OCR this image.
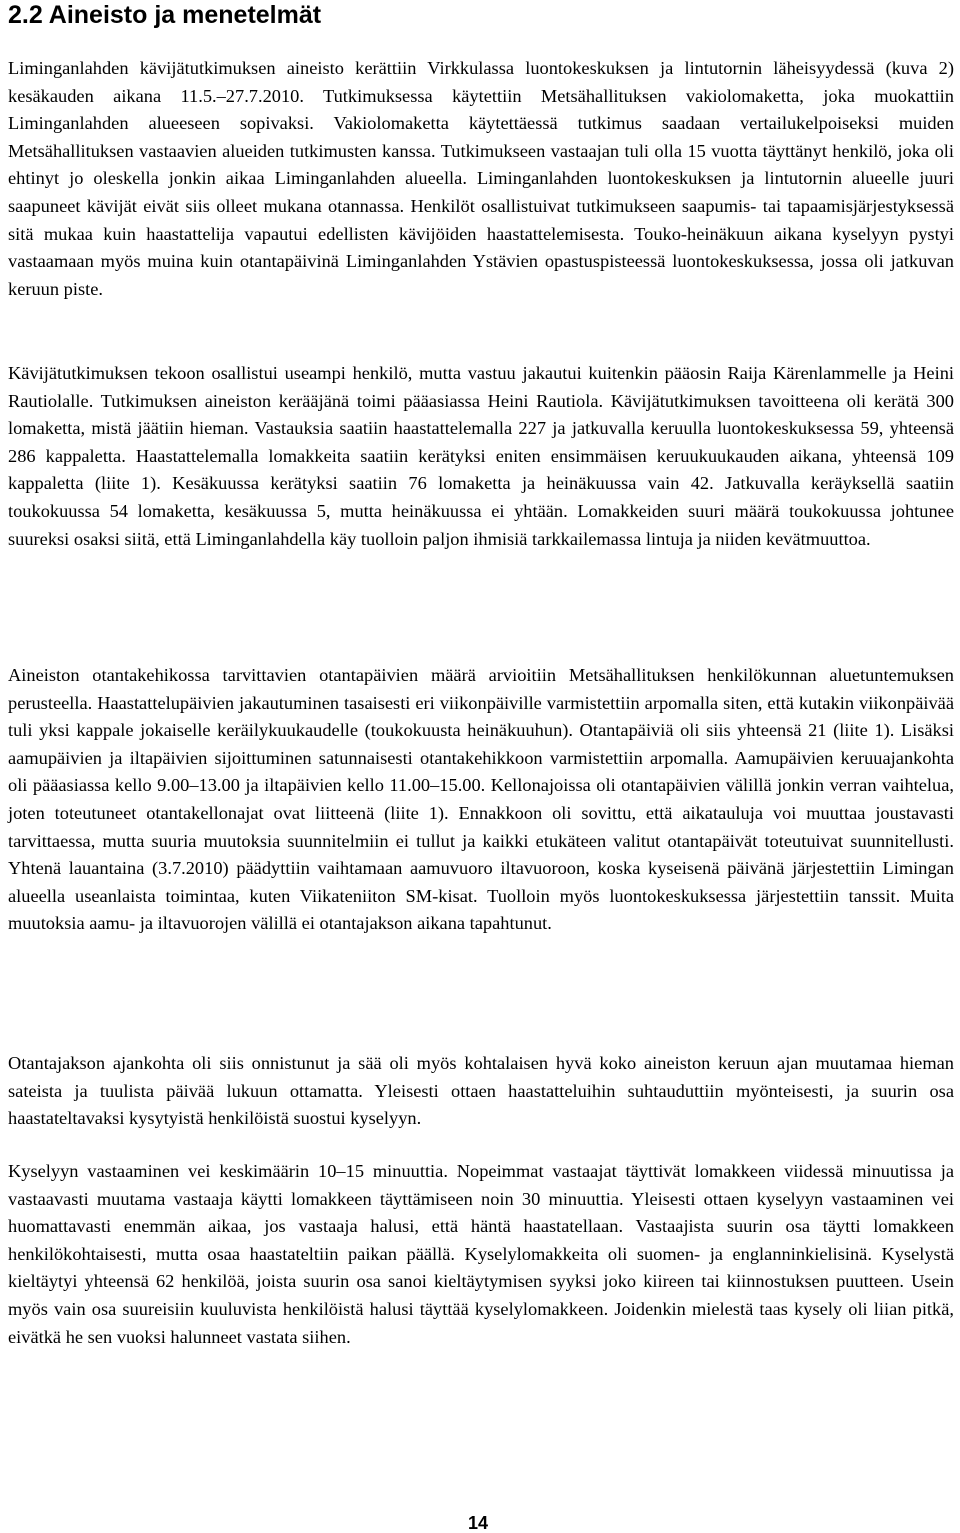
2.2 Aineisto ja menetelmät

Liminganlahden kävijätutkimuksen aineisto kerättiin Virkkulassa luontokeskuksen ja lintutornin läheisyydessä (kuva 2) kesäkauden aikana 11.5.–27.7.2010. Tutkimuksessa käytettiin Metsähallituksen vakiolomaketta, joka muokattiin Liminganlahden alueeseen sopivaksi. Vakiolomaketta käytettäessä tutkimus saadaan vertailukelpoiseksi muiden Metsähallituksen vastaavien alueiden tutkimusten kanssa. Tutkimukseen vastaajan tuli olla 15 vuotta täyttänyt henkilö, joka oli ehtinyt jo oleskella jonkin aikaa Liminganlahden alueella. Liminganlahden luontokeskuksen ja lintutornin alueelle juuri saapuneet kävijät eivät siis olleet mukana otannassa. Henkilöt osallistuivat tutkimukseen saapumis- tai tapaamisjärjestyksessä sitä mukaa kuin haastattelija vapautui edellisten kävijöiden haastattelemisesta. Touko-heinäkuun aikana kyselyyn pystyi vastaamaan myös muina kuin otantapäivinä Liminganlahden Ystävien opastuspisteessä luontokeskuksessa, jossa oli jatkuvan keruun piste.

Kävijätutkimuksen tekoon osallistui useampi henkilö, mutta vastuu jakautui kuitenkin pääosin Raija Kärenlammelle ja Heini Rautiolalle. Tutkimuksen aineiston kerääjänä toimi pääasiassa Heini Rautiola. Kävijätutkimuksen tavoitteena oli kerätä 300 lomaketta, mistä jäätiin hieman. Vastauksia saatiin haastattelemalla 227 ja jatkuvalla keruulla luontokeskuksessa 59, yhteensä 286 kappaletta. Haastattelemalla lomakkeita saatiin kerätyksi eniten ensimmäisen keruukuukauden aikana, yhteensä 109 kappaletta (liite 1). Kesäkuussa kerätyksi saatiin 76 lomaketta ja heinäkuussa vain 42. Jatkuvalla keräyksellä saatiin toukokuussa 54 lomaketta, kesäkuussa 5, mutta heinäkuussa ei yhtään. Lomakkeiden suuri määrä toukokuussa johtunee suureksi osaksi siitä, että Liminganlahdella käy tuolloin paljon ihmisiä tarkkailemassa lintuja ja niiden kevätmuuttoa.

Aineiston otantakehikossa tarvittavien otantapäivien määrä arvioitiin Metsähallituksen henkilökunnan aluetuntemuksen perusteella. Haastattelupäivien jakautuminen tasaisesti eri viikonpäiville varmistettiin arpomalla siten, että kutakin viikonpäivää tuli yksi kappale jokaiselle keräilykuukaudelle (toukokuusta heinäkuuhun). Otantapäiviä oli siis yhteensä 21 (liite 1). Lisäksi aamupäivien ja iltapäivien sijoittuminen satunnaisesti otantakehikkoon varmistettiin arpomalla. Aamupäivien keruuajankohta oli pääasiassa kello 9.00–13.00 ja iltapäivien kello 11.00–15.00. Kellonajoissa oli otantapäivien välillä jonkin verran vaihtelua, joten toteutuneet otantakellonajat ovat liitteenä (liite 1). Ennakkoon oli sovittu, että aikatauluja voi muuttaa joustavasti tarvittaessa, mutta suuria muutoksia suunnitelmiin ei tullut ja kaikki etukäteen valitut otantapäivät toteutuivat suunnitellusti. Yhtenä lauantaina (3.7.2010) päädyttiin vaihtamaan aamuvuoro iltavuoroon, koska kyseisenä päivänä järjestettiin Limingan alueella useanlaista toimintaa, kuten Viikateniiton SM-kisat. Tuolloin myös luontokeskuksessa järjestettiin tanssit. Muita muutoksia aamu- ja iltavuorojen välillä ei otantajakson aikana tapahtunut.

Otantajakson ajankohta oli siis onnistunut ja sää oli myös kohtalaisen hyvä koko aineiston keruun ajan muutamaa hieman sateista ja tuulista päivää lukuun ottamatta. Yleisesti ottaen haastatteluihin suhtauduttiin myönteisesti, ja suurin osa haastateltavaksi kysytyistä henkilöistä suostui kyselyyn.

Kyselyyn vastaaminen vei keskimäärin 10–15 minuuttia. Nopeimmat vastaajat täyttivät lomakkeen viidessä minuutissa ja vastaavasti muutama vastaaja käytti lomakkeen täyttämiseen noin 30 minuuttia. Yleisesti ottaen kyselyyn vastaaminen vei huomattavasti enemmän aikaa, jos vastaaja halusi, että häntä haastatellaan. Vastaajista suurin osa täytti lomakkeen henkilökohtaisesti, mutta osaa haastateltiin paikan päällä. Kyselylomakkeita oli suomen- ja englanninkielisinä. Kyselystä kieltäytyi yhteensä 62 henkilöä, joista suurin osa sanoi kieltäytymisen syyksi joko kiireen tai kiinnostuksen puutteen. Usein myös vain osa suureisiin kuuluvista henkilöistä halusi täyttää kyselylomakkeen. Joidenkin mielestä taas kysely oli liian pitkä, eivätkä he sen vuoksi halunneet vastata siihen.

14
